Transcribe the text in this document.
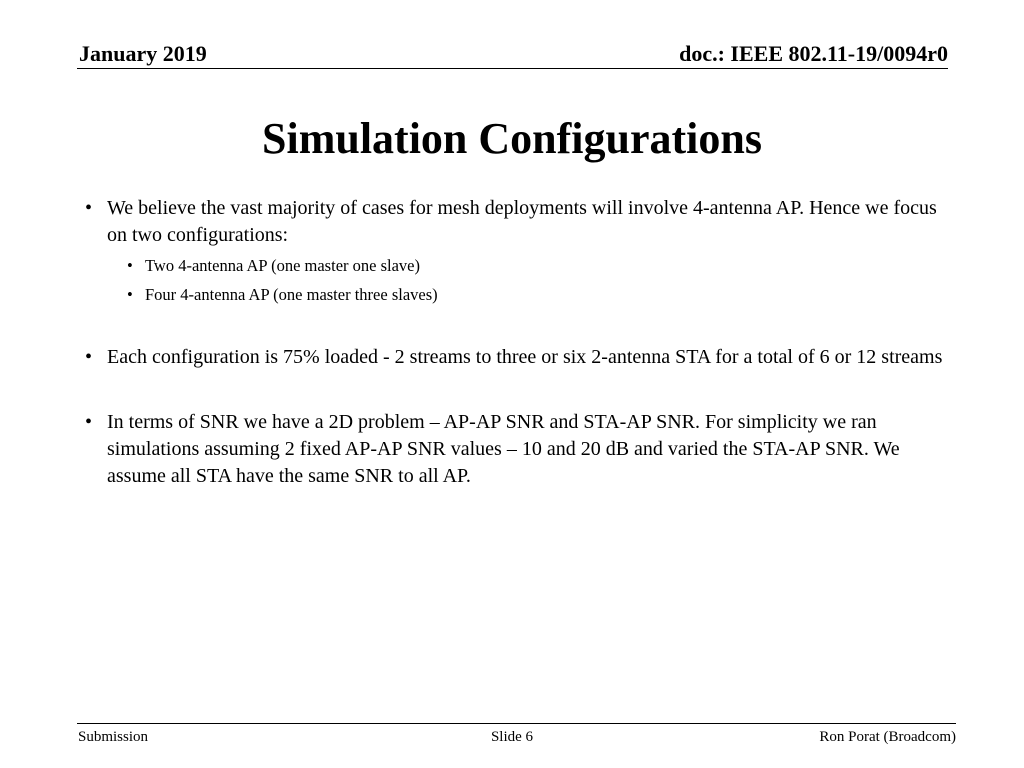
January 2019	doc.: IEEE 802.11-19/0094r0
Simulation Configurations
• We believe the vast majority of cases for mesh deployments will involve 4-antenna AP. Hence we focus on two configurations:
• Two 4-antenna AP (one master one slave)
• Four 4-antenna AP (one master three slaves)
• Each configuration is 75% loaded - 2 streams to three or six 2-antenna STA for a total of 6 or 12 streams
• In terms of SNR we have a 2D problem – AP-AP SNR and STA-AP SNR. For simplicity we ran simulations assuming 2 fixed AP-AP SNR values – 10 and 20 dB and varied the STA-AP SNR. We assume all STA have the same SNR to all AP.
Submission	Slide 6	Ron Porat (Broadcom)
